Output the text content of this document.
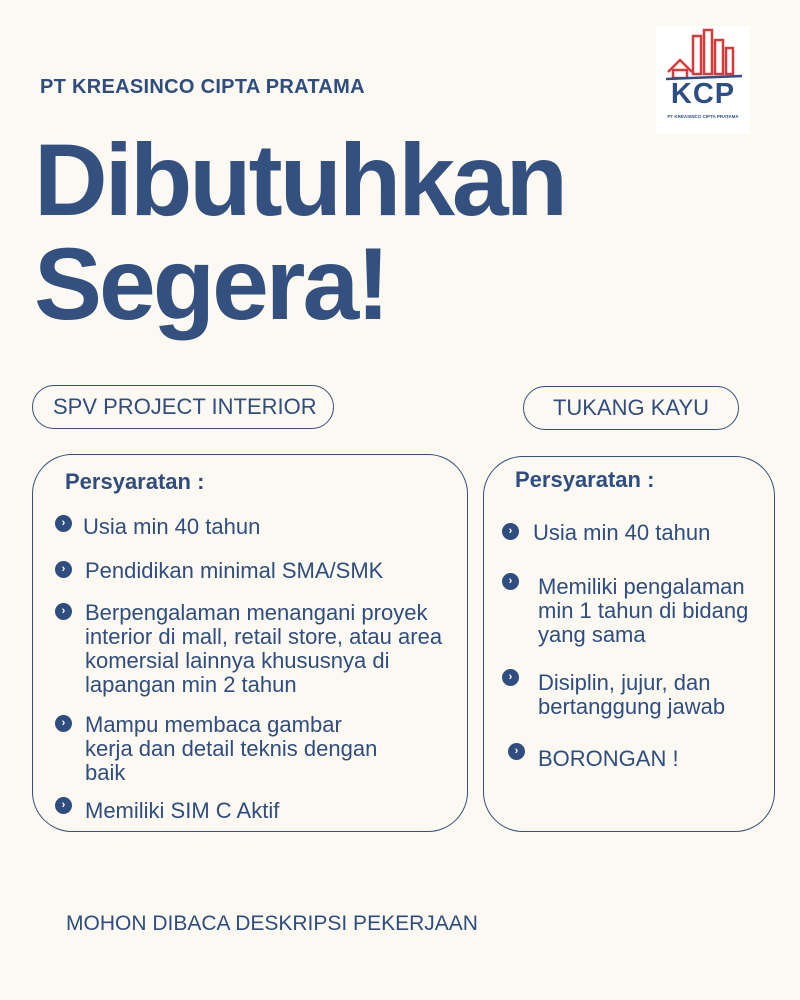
PT KREASINCO CIPTA PRATAMA	KCP
PT KREASINCO CIPTA PRATAMA
Dibutuhkan
Segera!
SPV PROJECT INTERIOR
Persyaratan :
› Usia min 40 tahun
› Pendidikan minimal SMA/SMK
› Berpengalaman menangani proyek
interior di mall, retail store, atau area
komersial lainnya khususnya di
lapangan min 2 tahun
› Mampu membaca gambar
kerja dan detail teknis dengan
baik
› Memiliki SIM C Aktif
TUKANG KAYU
Persyaratan :
› Usia min 40 tahun
›	Memiliki pengalaman
min 1 tahun di bidang
yang sama
›	Disiplin, jujur, dan
bertanggung jawab
› BORONGAN !
MOHON DIBACA DESKRIPSI PEKERJAAN
